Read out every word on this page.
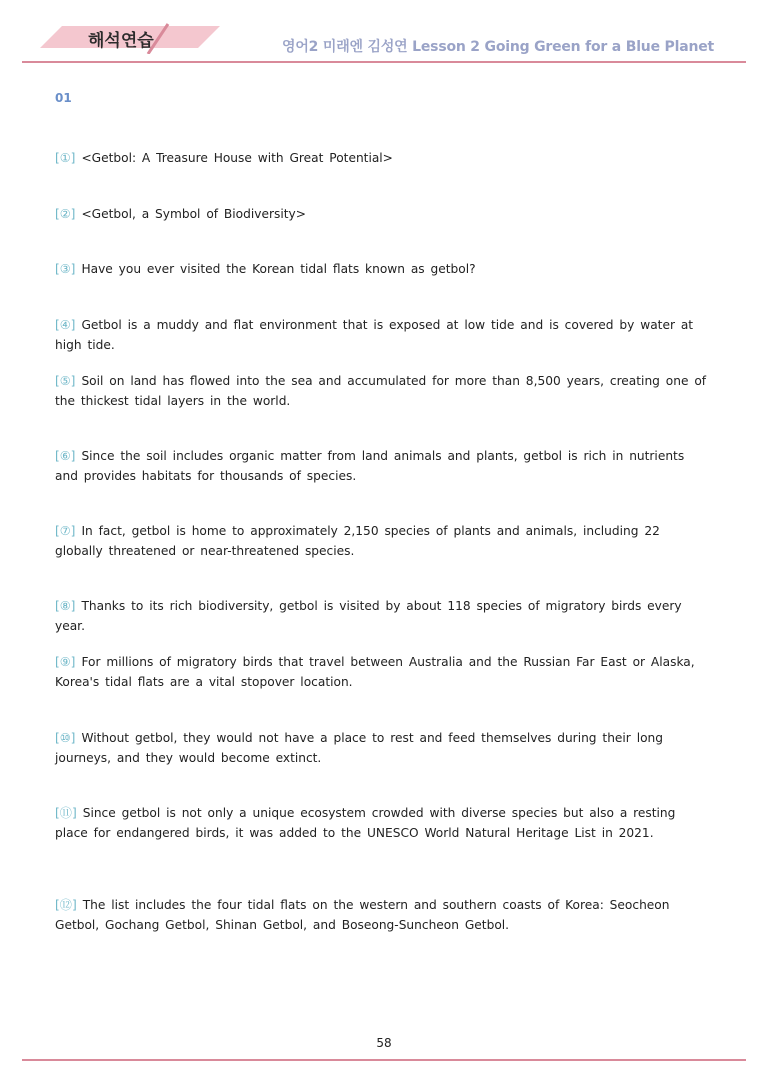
해석연습	영어2 미래엔 김성연 Lesson 2 Going Green for a Blue Planet
01
[①] <Getbol: A Treasure House with Great Potential>
[②] <Getbol, a Symbol of Biodiversity>
[③] Have you ever visited the Korean tidal flats known as getbol?
[④] Getbol is a muddy and flat environment that is exposed at low tide and is covered by water at high tide.
[⑤] Soil on land has flowed into the sea and accumulated for more than 8,500 years, creating one of the thickest tidal layers in the world.
[⑥] Since the soil includes organic matter from land animals and plants, getbol is rich in nutrients and provides habitats for thousands of species.
[⑦] In fact, getbol is home to approximately 2,150 species of plants and animals, including 22 globally threatened or near-threatened species.
[⑧] Thanks to its rich biodiversity, getbol is visited by about 118 species of migratory birds every year.
[⑨] For millions of migratory birds that travel between Australia and the Russian Far East or Alaska, Korea's tidal flats are a vital stopover location.
[⑩] Without getbol, they would not have a place to rest and feed themselves during their long journeys, and they would become extinct.
[⑪] Since getbol is not only a unique ecosystem crowded with diverse species but also a resting place for endangered birds, it was added to the UNESCO World Natural Heritage List in 2021.
[⑫] The list includes the four tidal flats on the western and southern coasts of Korea: Seocheon Getbol, Gochang Getbol, Shinan Getbol, and Boseong-Suncheon Getbol.
58
